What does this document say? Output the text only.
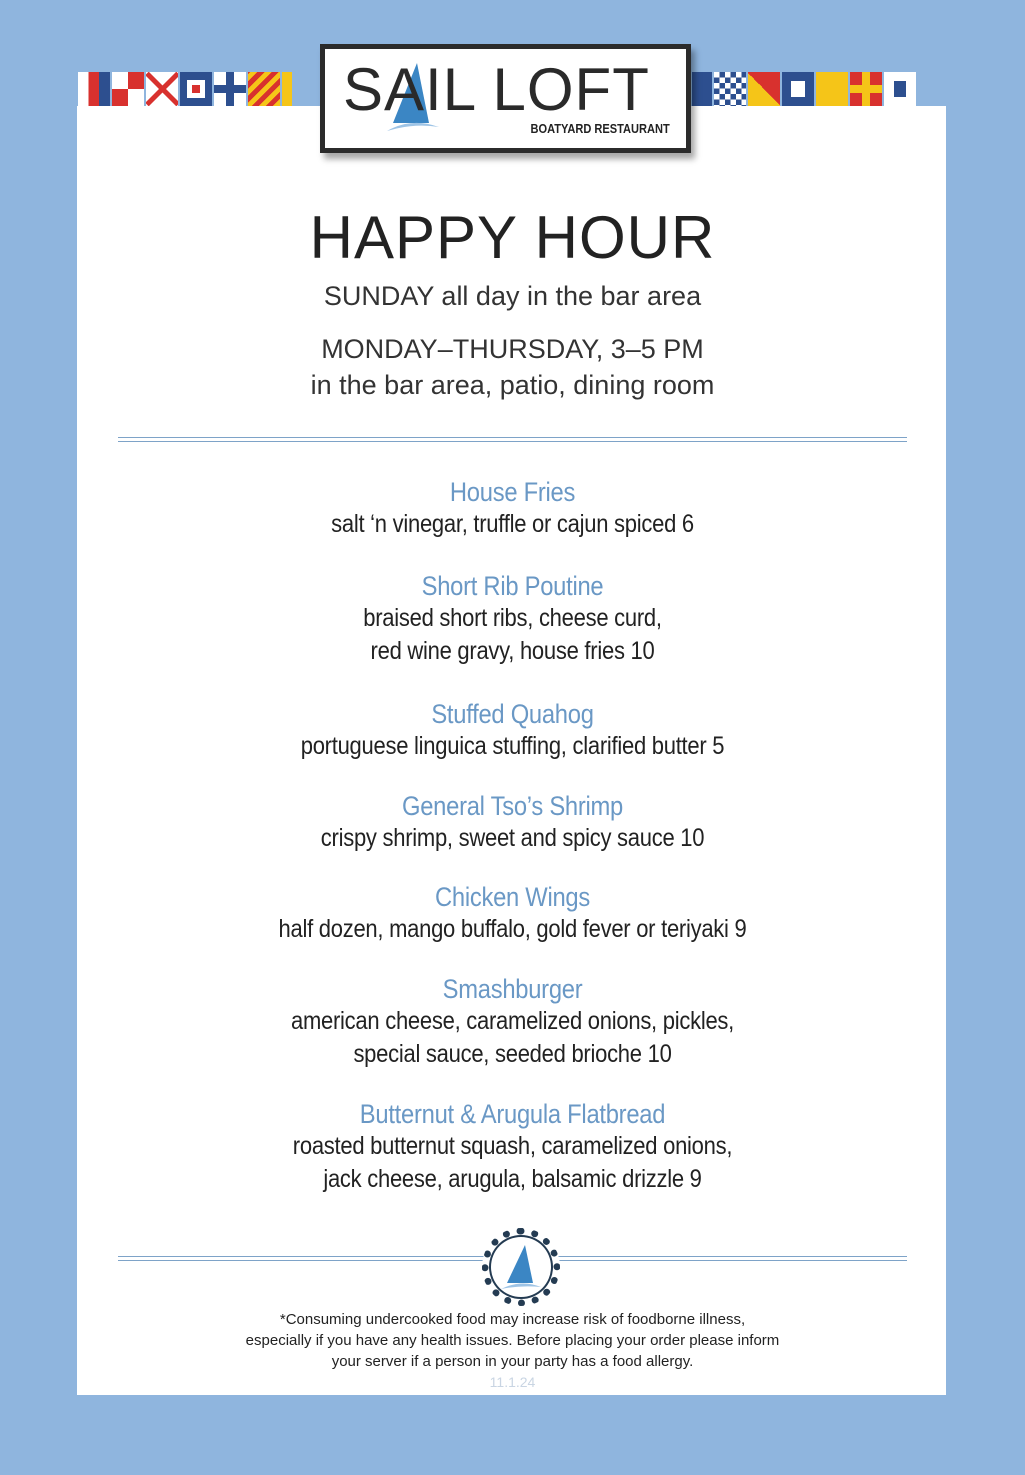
SAIL LOFT
BOATYARD RESTAURANT
HAPPY HOUR
SUNDAY all day in the bar area
MONDAY–THURSDAY, 3–5 PM
in the bar area, patio, dining room
House Fries
salt ‘n vinegar, truffle or cajun spiced 6
Short Rib Poutine
braised short ribs, cheese curd,
red wine gravy, house fries 10
Stuffed Quahog
portuguese linguica stuffing, clarified butter 5
General Tso’s Shrimp
crispy shrimp, sweet and spicy sauce 10
Chicken Wings
half dozen, mango buffalo, gold fever or teriyaki 9
Smashburger
american cheese, caramelized onions, pickles,
special sauce, seeded brioche 10
Butternut & Arugula Flatbread
roasted butternut squash, caramelized onions,
jack cheese, arugula, balsamic drizzle 9
*Consuming undercooked food may increase risk of foodborne illness,
especially if you have any health issues. Before placing your order please inform
your server if a person in your party has a food allergy.
11.1.24
